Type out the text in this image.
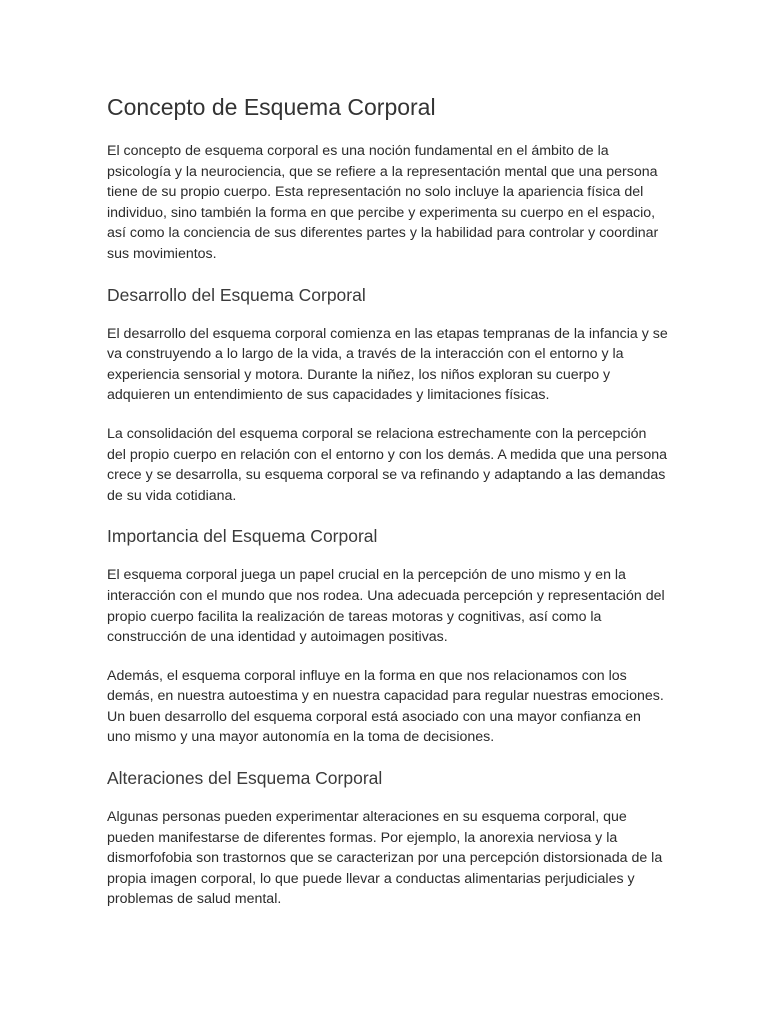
Concepto de Esquema Corporal

El concepto de esquema corporal es una noción fundamental en el ámbito de la psicología y la neurociencia, que se refiere a la representación mental que una persona tiene de su propio cuerpo. Esta representación no solo incluye la apariencia física del individuo, sino también la forma en que percibe y experimenta su cuerpo en el espacio, así como la conciencia de sus diferentes partes y la habilidad para controlar y coordinar sus movimientos.

Desarrollo del Esquema Corporal

El desarrollo del esquema corporal comienza en las etapas tempranas de la infancia y se va construyendo a lo largo de la vida, a través de la interacción con el entorno y la experiencia sensorial y motora. Durante la niñez, los niños exploran su cuerpo y adquieren un entendimiento de sus capacidades y limitaciones físicas.

La consolidación del esquema corporal se relaciona estrechamente con la percepción del propio cuerpo en relación con el entorno y con los demás. A medida que una persona crece y se desarrolla, su esquema corporal se va refinando y adaptando a las demandas de su vida cotidiana.

Importancia del Esquema Corporal

El esquema corporal juega un papel crucial en la percepción de uno mismo y en la interacción con el mundo que nos rodea. Una adecuada percepción y representación del propio cuerpo facilita la realización de tareas motoras y cognitivas, así como la construcción de una identidad y autoimagen positivas.

Además, el esquema corporal influye en la forma en que nos relacionamos con los demás, en nuestra autoestima y en nuestra capacidad para regular nuestras emociones. Un buen desarrollo del esquema corporal está asociado con una mayor confianza en uno mismo y una mayor autonomía en la toma de decisiones.

Alteraciones del Esquema Corporal

Algunas personas pueden experimentar alteraciones en su esquema corporal, que pueden manifestarse de diferentes formas. Por ejemplo, la anorexia nerviosa y la dismorfofobia son trastornos que se caracterizan por una percepción distorsionada de la propia imagen corporal, lo que puede llevar a conductas alimentarias perjudiciales y problemas de salud mental.
